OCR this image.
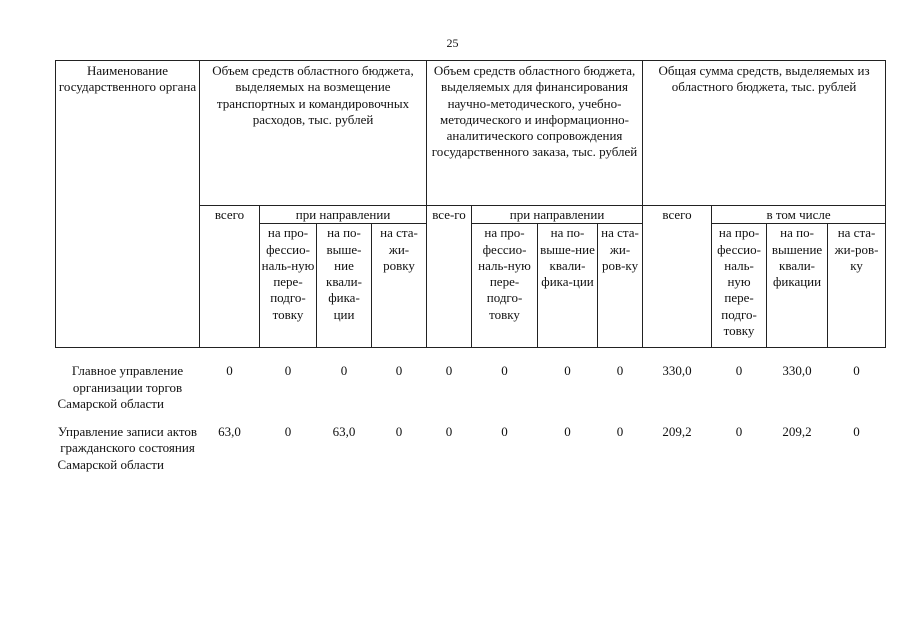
25
Наименование государственного органа	Объем средств областного бюджета, выделяемых на возмещение транспортных и командировочных расходов, тыс. рублей				Объем средств областного бюджета, выделяемых для финансирования научно-методического, учебно-методического и информационно-аналитического сопровождения государственного заказа, тыс. рублей				Общая сумма средств, выделяемых из областного бюджета, тыс. рублей			
	всего	при направлении			все-го	при направлении			всего	в том числе		
		на про-фессио-наль-ную пере-подго-товку	на по-выше-ние квали-фика-ции	на ста-жи-ровку		на про-фессио-наль-ную пере-подго-товку	на по-выше-ние квали-фика-ции	на ста-жи-ров-ку		на про-фессио-наль-ную пере-подго-товку	на по-вышение квали-фикации	на ста-жи-ров-ку
Главное управление организации торгов Самарской области	0	0	0	0	0	0	0	0	330,0	0	330,0	0
Управление записи актов гражданского состояния Самарской области	63,0	0	63,0	0	0	0	0	0	209,2	0	209,2	0
